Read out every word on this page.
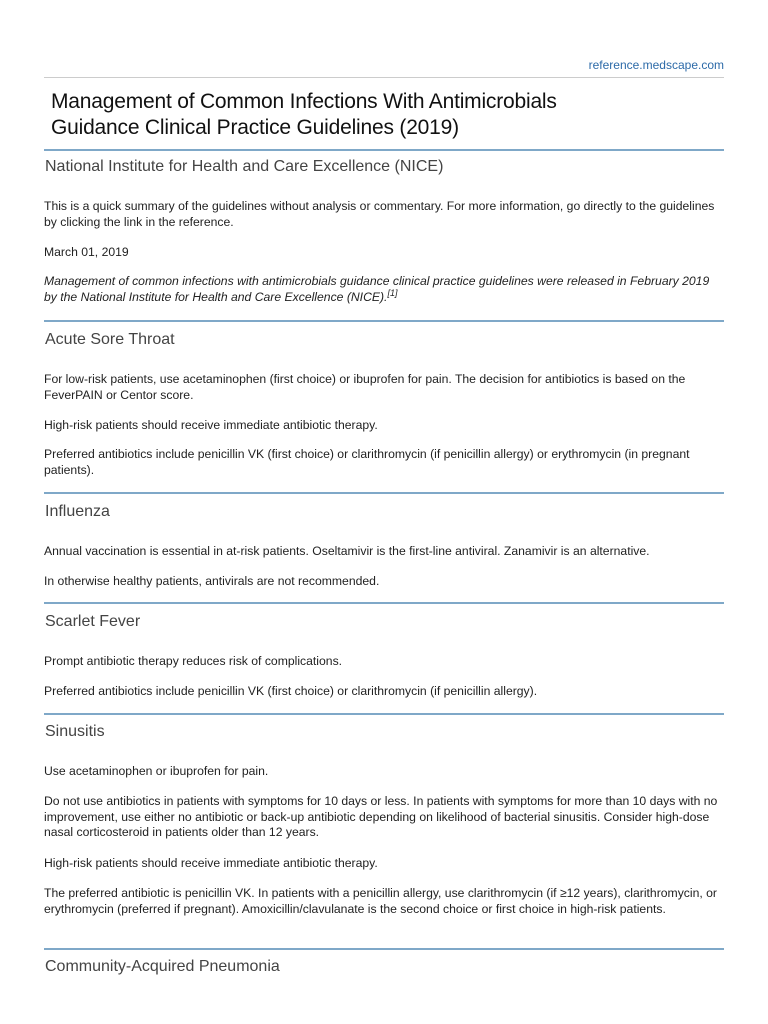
reference.medscape.com
Management of Common Infections With Antimicrobials
Guidance Clinical Practice Guidelines (2019)
National Institute for Health and Care Excellence (NICE)

This is a quick summary of the guidelines without analysis or commentary. For more information, go directly to the guidelines by clicking the link in the reference.

March 01, 2019

Management of common infections with antimicrobials guidance clinical practice guidelines were released in February 2019 by the National Institute for Health and Care Excellence (NICE).[1]

Acute Sore Throat

For low-risk patients, use acetaminophen (first choice) or ibuprofen for pain. The decision for antibiotics is based on the FeverPAIN or Centor score.

High-risk patients should receive immediate antibiotic therapy.

Preferred antibiotics include penicillin VK (first choice) or clarithromycin (if penicillin allergy) or erythromycin (in pregnant patients).

Influenza

Annual vaccination is essential in at-risk patients. Oseltamivir is the first-line antiviral. Zanamivir is an alternative.

In otherwise healthy patients, antivirals are not recommended.

Scarlet Fever

Prompt antibiotic therapy reduces risk of complications.

Preferred antibiotics include penicillin VK (first choice) or clarithromycin (if penicillin allergy).

Sinusitis

Use acetaminophen or ibuprofen for pain.

Do not use antibiotics in patients with symptoms for 10 days or less. In patients with symptoms for more than 10 days with no improvement, use either no antibiotic or back-up antibiotic depending on likelihood of bacterial sinusitis. Consider high-dose nasal corticosteroid in patients older than 12 years.

High-risk patients should receive immediate antibiotic therapy.

The preferred antibiotic is penicillin VK. In patients with a penicillin allergy, use clarithromycin (if ≥12 years), clarithromycin, or erythromycin (preferred if pregnant). Amoxicillin/clavulanate is the second choice or first choice in high-risk patients.

Community-Acquired Pneumonia
